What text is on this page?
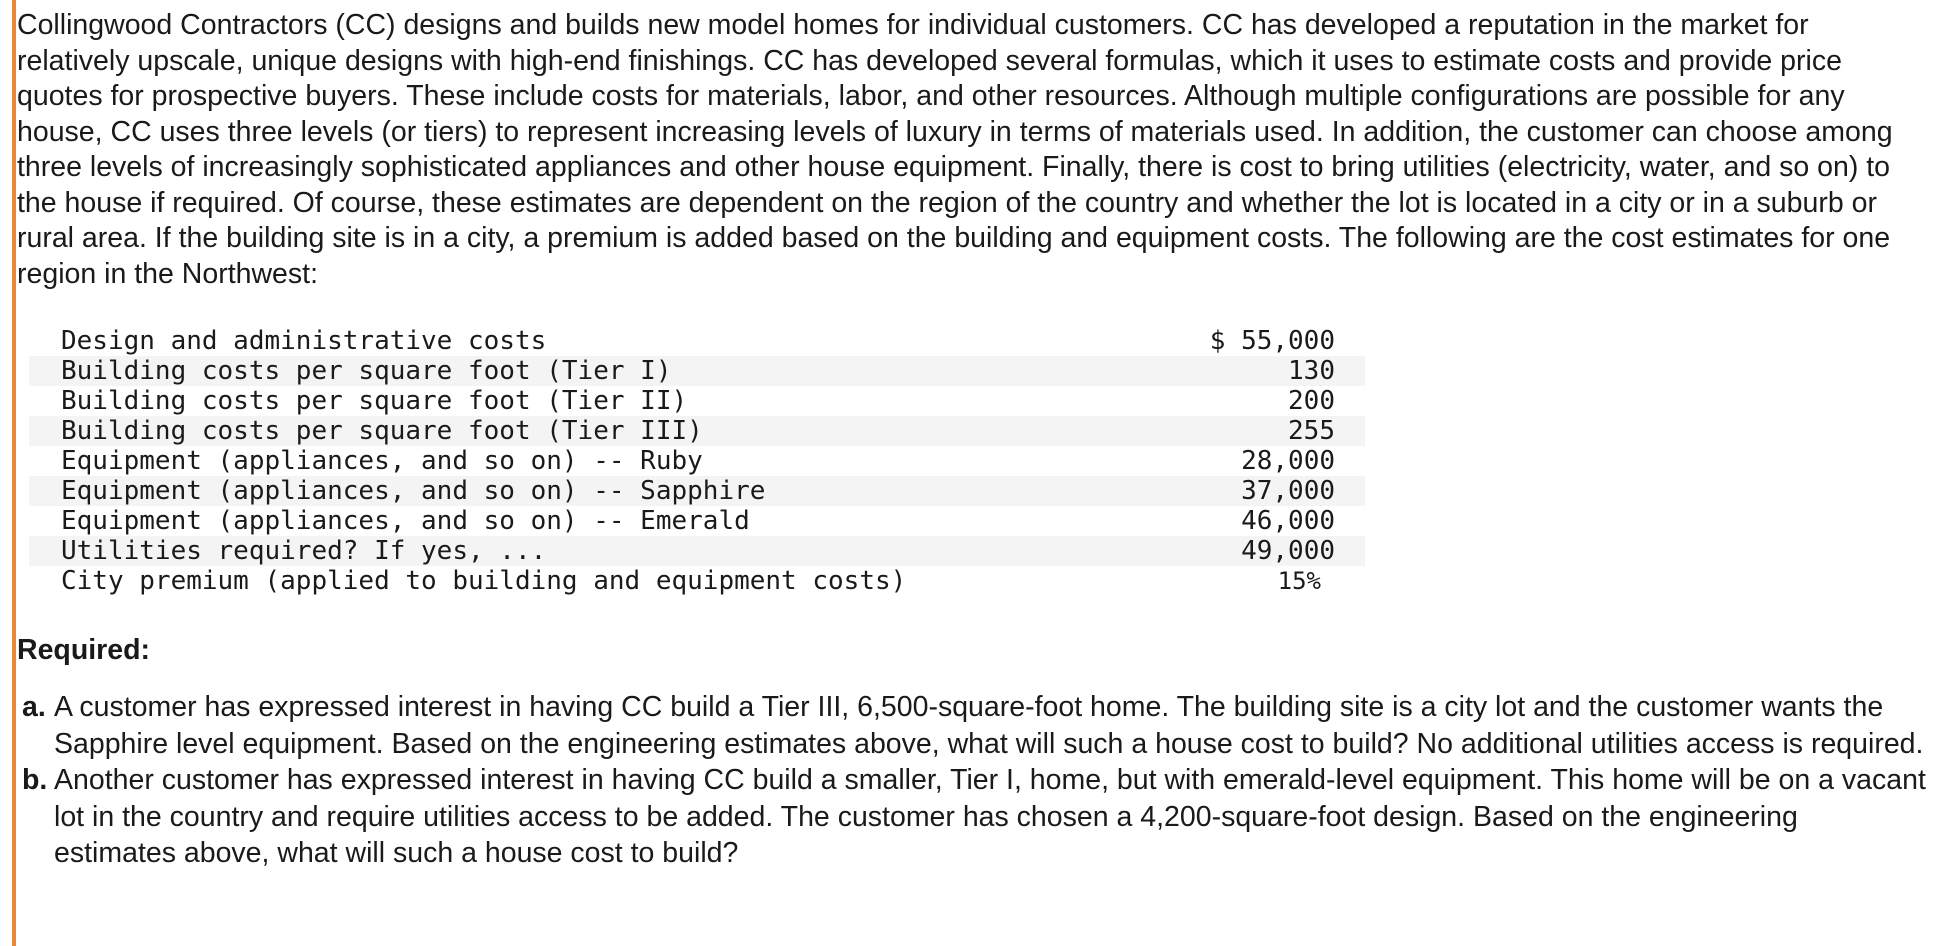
Collingwood Contractors (CC) designs and builds new model homes for individual customers. CC has developed a reputation in the market for relatively upscale, unique designs with high-end finishings. CC has developed several formulas, which it uses to estimate costs and provide price quotes for prospective buyers. These include costs for materials, labor, and other resources. Although multiple configurations are possible for any house, CC uses three levels (or tiers) to represent increasing levels of luxury in terms of materials used. In addition, the customer can choose among three levels of increasingly sophisticated appliances and other house equipment. Finally, there is cost to bring utilities (electricity, water, and so on) to the house if required. Of course, these estimates are dependent on the region of the country and whether the lot is located in a city or in a suburb or rural area. If the building site is in a city, a premium is added based on the building and equipment costs. The following are the cost estimates for one region in the Northwest:

Design and administrative costs	$ 55,000
Building costs per square foot (Tier I)	130
Building costs per square foot (Tier II)	200
Building costs per square foot (Tier III)	255
Equipment (appliances, and so on) -- Ruby	28,000
Equipment (appliances, and so on) -- Sapphire	37,000
Equipment (appliances, and so on) -- Emerald	46,000
Utilities required? If yes, ...	49,000
City premium (applied to building and equipment costs)	15%
Required:
a. A customer has expressed interest in having CC build a Tier III, 6,500-square-foot home. The building site is a city lot and the customer wants the Sapphire level equipment. Based on the engineering estimates above, what will such a house cost to build? No additional utilities access is required.
b. Another customer has expressed interest in having CC build a smaller, Tier I, home, but with emerald-level equipment. This home will be on a vacant lot in the country and require utilities access to be added. The customer has chosen a 4,200-square-foot design. Based on the engineering estimates above, what will such a house cost to build?
